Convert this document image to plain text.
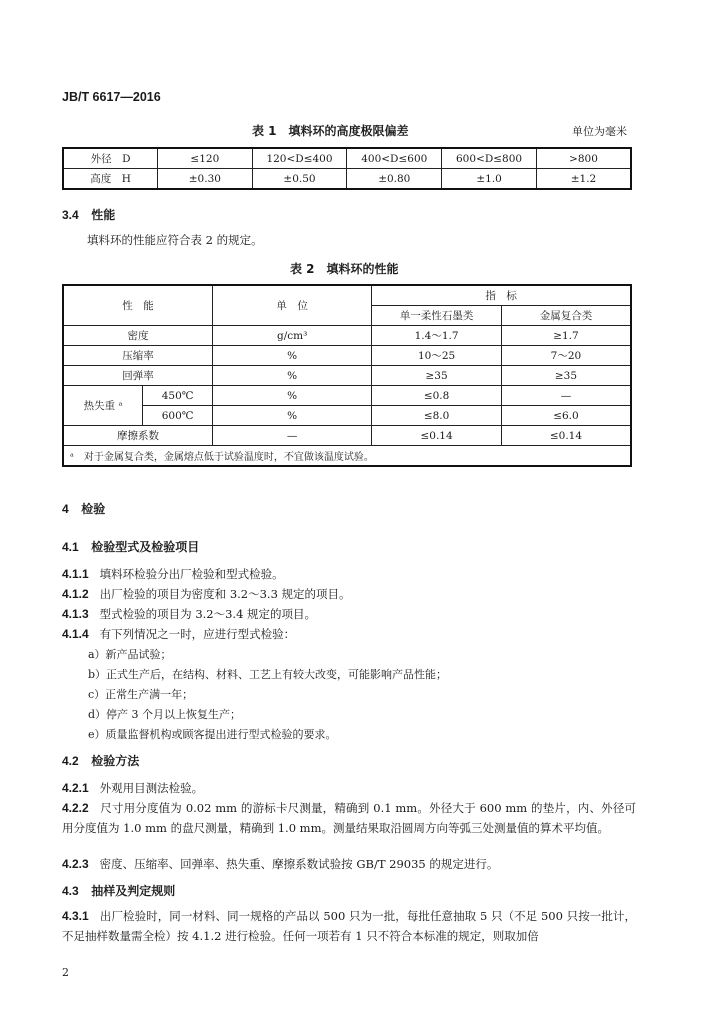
JB/T 6617—2016
表 1　填料环的高度极限偏差	单位为毫米
外径　D	≤120	120<D≤400	400<D≤600	600<D≤800	>800
高度　H	±0.30	±0.50	±0.80	±1.0	±1.2
3.4 性能
填料环的性能应符合表 2 的规定。
表 2　填料环的性能
性　能		单　位	指　标	
			单一柔性石墨类	金属复合类
密度		g/cm³	1.4～1.7	≥1.7
压缩率		%	10～25	7～20
回弹率		%	≥35	≥35
热失重 ᵃ	450℃	%	≤0.8	—
	600℃	%	≤8.0	≤6.0
摩擦系数		—	≤0.14	≤0.14
ᵃ　对于金属复合类，金属熔点低于试验温度时，不宜做该温度试验。				
4 检验
4.1 检验型式及检验项目
4.1.1 填料环检验分出厂检验和型式检验。
4.1.2 出厂检验的项目为密度和 3.2～3.3 规定的项目。
4.1.3 型式检验的项目为 3.2～3.4 规定的项目。
4.1.4 有下列情况之一时，应进行型式检验：
a）新产品试验；
b）正式生产后，在结构、材料、工艺上有较大改变，可能影响产品性能；
c）正常生产满一年；
d）停产 3 个月以上恢复生产；
e）质量监督机构或顾客提出进行型式检验的要求。
4.2 检验方法
4.2.1 外观用目测法检验。
4.2.2 尺寸用分度值为 0.02 mm 的游标卡尺测量，精确到 0.1 mm。外径大于 600 mm 的垫片，内、外径可用分度值为 1.0 mm 的盘尺测量，精确到 1.0 mm。测量结果取沿圆周方向等弧三处测量值的算术平均值。
4.2.3 密度、压缩率、回弹率、热失重、摩擦系数试验按 GB/T 29035 的规定进行。
4.3 抽样及判定规则
4.3.1 出厂检验时，同一材料、同一规格的产品以 500 只为一批，每批任意抽取 5 只（不足 500 只按一批计，不足抽样数量需全检）按 4.1.2 进行检验。任何一项若有 1 只不符合本标准的规定，则取加倍
2
